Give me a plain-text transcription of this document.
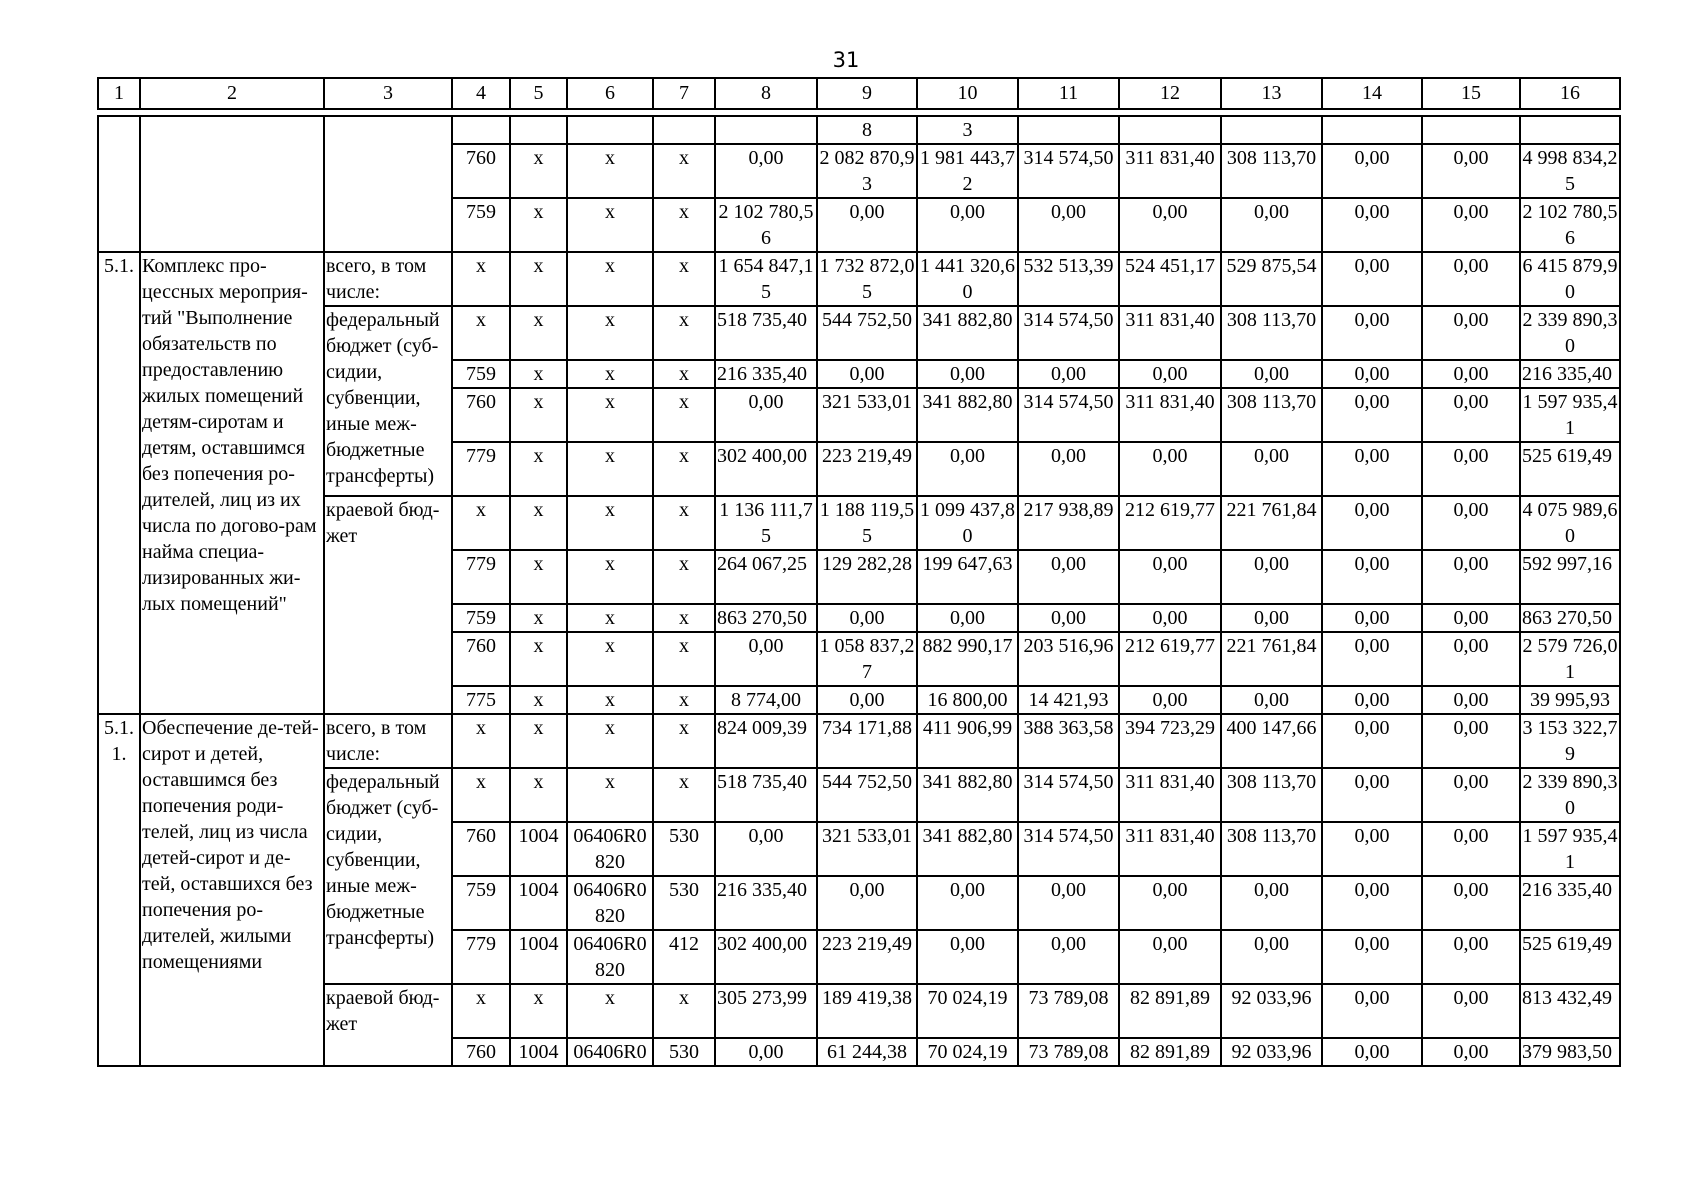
31
1	2	3	4	5	6	7	8	9	10	11	12	13	14	15	16

								8	3						
			760	x	x	x	0,00	2 082 870,93	1 981 443,72	314 574,50	311 831,40	308 113,70	0,00	0,00	4 998 834,25
			759	x	x	x	2 102 780,56	0,00	0,00	0,00	0,00	0,00	0,00	0,00	2 102 780,56
5.1.	Комплекс про-цессных мероприя-тий "Выполнение обязательств по предоставлению жилых помещений детям-сиротам и детям, оставшимся без попечения ро-дителей, лиц из их числа по догово-рам найма специа-лизированных жи-лых помещений"	всего, в том числе:	x	x	x	x	1 654 847,15	1 732 872,05	1 441 320,60	532 513,39	524 451,17	529 875,54	0,00	0,00	6 415 879,90
		федеральный бюджет (суб-сидии, субвенции, иные меж-бюджетные трансферты)	x	x	x	x	518 735,40	544 752,50	341 882,80	314 574,50	311 831,40	308 113,70	0,00	0,00	2 339 890,30
			759	x	x	x	216 335,40	0,00	0,00	0,00	0,00	0,00	0,00	0,00	216 335,40
			760	x	x	x	0,00	321 533,01	341 882,80	314 574,50	311 831,40	308 113,70	0,00	0,00	1 597 935,41
			779	x	x	x	302 400,00	223 219,49	0,00	0,00	0,00	0,00	0,00	0,00	525 619,49
		краевой бюд-жет	x	x	x	x	1 136 111,75	1 188 119,55	1 099 437,80	217 938,89	212 619,77	221 761,84	0,00	0,00	4 075 989,60
			779	x	x	x	264 067,25	129 282,28	199 647,63	0,00	0,00	0,00	0,00	0,00	592 997,16
			759	x	x	x	863 270,50	0,00	0,00	0,00	0,00	0,00	0,00	0,00	863 270,50
			760	x	x	x	0,00	1 058 837,27	882 990,17	203 516,96	212 619,77	221 761,84	0,00	0,00	2 579 726,01
			775	x	x	x	8 774,00	0,00	16 800,00	14 421,93	0,00	0,00	0,00	0,00	39 995,93
5.1.1.	Обеспечение де-тей-сирот и детей, оставшимся без попечения роди-телей, лиц из числа детей-сирот и де-тей, оставшихся без попечения ро-дителей, жилыми помещениями	всего, в том числе:	x	x	x	x	824 009,39	734 171,88	411 906,99	388 363,58	394 723,29	400 147,66	0,00	0,00	3 153 322,79
		федеральный бюджет (суб-сидии, субвенции, иные меж-бюджетные трансферты)	x	x	x	x	518 735,40	544 752,50	341 882,80	314 574,50	311 831,40	308 113,70	0,00	0,00	2 339 890,30
			760	1004	06406R0820	530	0,00	321 533,01	341 882,80	314 574,50	311 831,40	308 113,70	0,00	0,00	1 597 935,41
			759	1004	06406R0820	530	216 335,40	0,00	0,00	0,00	0,00	0,00	0,00	0,00	216 335,40
			779	1004	06406R0820	412	302 400,00	223 219,49	0,00	0,00	0,00	0,00	0,00	0,00	525 619,49
		краевой бюд-жет	x	x	x	x	305 273,99	189 419,38	70 024,19	73 789,08	82 891,89	92 033,96	0,00	0,00	813 432,49
			760	1004	06406R0	530	0,00	61 244,38	70 024,19	73 789,08	82 891,89	92 033,96	0,00	0,00	379 983,50
